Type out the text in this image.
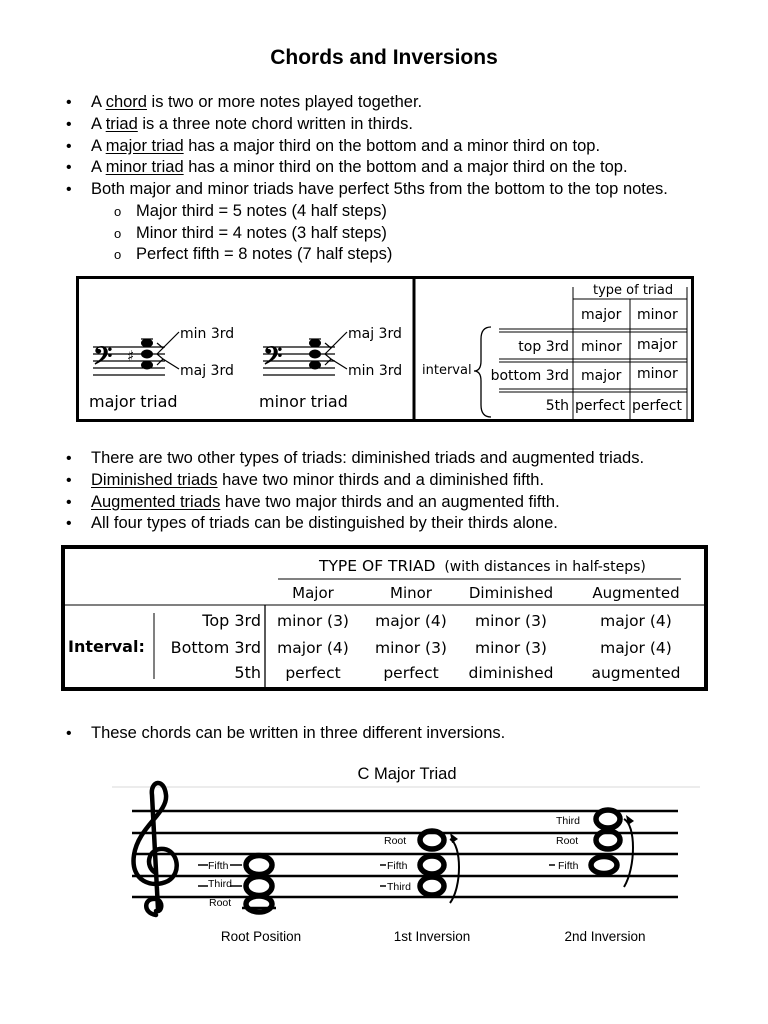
Chords and Inversions
• A chord is two or more notes played together.
• A triad is a three note chord written in thirds.
• A major triad has a major third on the bottom and a minor third on top.
• A minor triad has a minor third on the bottom and a major third on the top.
• Both major and minor triads have perfect 5ths from the bottom to the top notes.
o Major third = 5 notes (4 half steps)
o Minor third = 4 notes (3 half steps)
o Perfect fifth = 8 notes (7 half steps)
𝄢 ♯
min 3rd
maj 3rd
major triad
𝄢
maj 3rd
min 3rd
minor triad
type of triad
major minor
interval
top 3rd minor major
bottom 3rd major minor
5th perfect perfect
• There are two other types of triads: diminished triads and augmented triads.
• Diminished triads have two minor thirds and a diminished fifth.
• Augmented triads have two major thirds and an augmented fifth.
• All four types of triads can be distinguished by their thirds alone.
TYPE OF TRIAD (with distances in half-steps)
Major	Minor Diminished	Augmented
Interval:
Top 3rd minor (3) major (4) minor (3)	major (4)
Bottom 3rd major (4) minor (3) minor (3)	major (4)
5th perfect	perfect diminished augmented
• These chords can be written in three different inversions.
C Major Triad
Fifth
Third
Root
Root
Fifth
Third
Third
Root
Fifth
Root Position	1st Inversion	2nd Inversion
